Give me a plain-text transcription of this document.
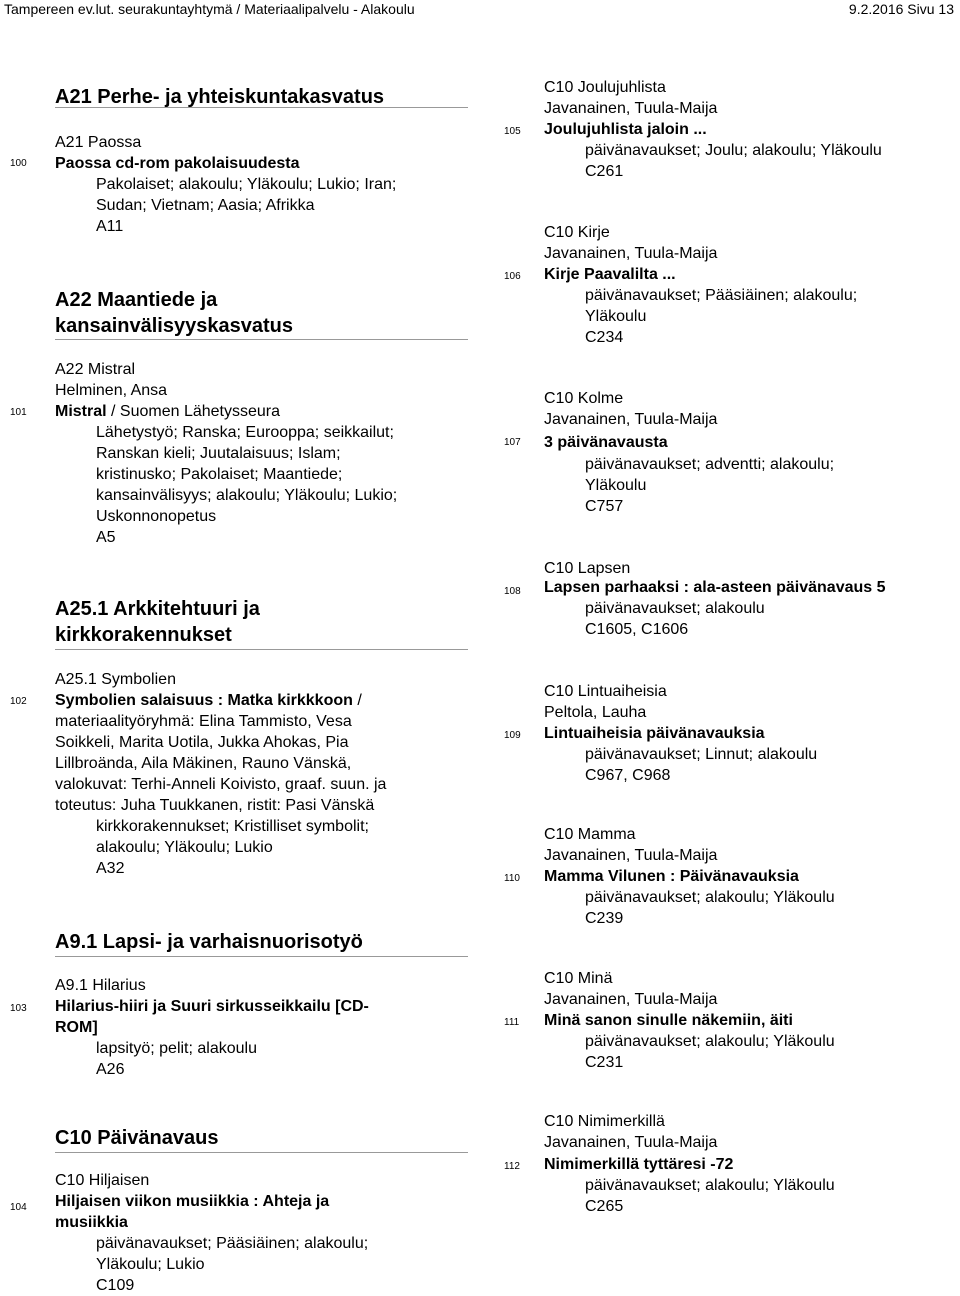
Tampereen ev.lut. seurakuntayhtymä / Materiaalipalvelu - Alakoulu	9.2.2016 Sivu 13
A21 Perhe- ja yhteiskuntakasvatus
100
A21 Paossa
Paossa cd-rom pakolaisuudesta
Pakolaiset; alakoulu; Yläkoulu; Lukio; Iran;
Sudan; Vietnam; Aasia; Afrikka
A11
A22 Maantiede ja
kansainvälisyyskasvatus
101
A22 Mistral
Helminen, Ansa
Mistral / Suomen Lähetysseura
Lähetystyö; Ranska; Eurooppa; seikkailut;
Ranskan kieli; Juutalaisuus; Islam;
kristinusko; Pakolaiset; Maantiede;
kansainvälisyys; alakoulu; Yläkoulu; Lukio;
Uskonnonopetus
A5
A25.1 Arkkitehtuuri ja
kirkkorakennukset
102
A25.1 Symbolien
Symbolien salaisuus : Matka kirkkkoon /
materiaalityöryhmä: Elina Tammisto, Vesa
Soikkeli, Marita Uotila, Jukka Ahokas, Pia
Lillbroända, Aila Mäkinen, Rauno Vänskä,
valokuvat: Terhi-Anneli Koivisto, graaf. suun. ja
toteutus: Juha Tuukkanen, ristit: Pasi Vänskä
kirkkorakennukset; Kristilliset symbolit;
alakoulu; Yläkoulu; Lukio
A32
A9.1 Lapsi- ja varhaisnuorisotyö
103
A9.1 Hilarius
Hilarius-hiiri ja Suuri sirkusseikkailu [CD-
ROM]
lapsityö; pelit; alakoulu
A26
C10 Päivänavaus
104
C10 Hiljaisen
Hiljaisen viikon musiikkia : Ahteja ja
musiikkia
päivänavaukset; Pääsiäinen; alakoulu;
Yläkoulu; Lukio
C109
105
C10 Joulujuhlista
Javanainen, Tuula-Maija
Joulujuhlista jaloin ...
päivänavaukset; Joulu; alakoulu; Yläkoulu
C261
106
C10 Kirje
Javanainen, Tuula-Maija
Kirje Paavalilta ...
päivänavaukset; Pääsiäinen; alakoulu;
Yläkoulu
C234
107
C10 Kolme
Javanainen, Tuula-Maija
3 päivänavausta
päivänavaukset; adventti; alakoulu;
Yläkoulu
C757
108
C10 Lapsen
Lapsen parhaaksi : ala-asteen päivänavaus 5
päivänavaukset; alakoulu
C1605, C1606
109
C10 Lintuaiheisia
Peltola, Lauha
Lintuaiheisia päivänavauksia
päivänavaukset; Linnut; alakoulu
C967, C968
110
C10 Mamma
Javanainen, Tuula-Maija
Mamma Vilunen : Päivänavauksia
päivänavaukset; alakoulu; Yläkoulu
C239
111
C10 Minä
Javanainen, Tuula-Maija
Minä sanon sinulle näkemiin, äiti
päivänavaukset; alakoulu; Yläkoulu
C231
112
C10 Nimimerkillä
Javanainen, Tuula-Maija
Nimimerkillä tyttäresi -72
päivänavaukset; alakoulu; Yläkoulu
C265
